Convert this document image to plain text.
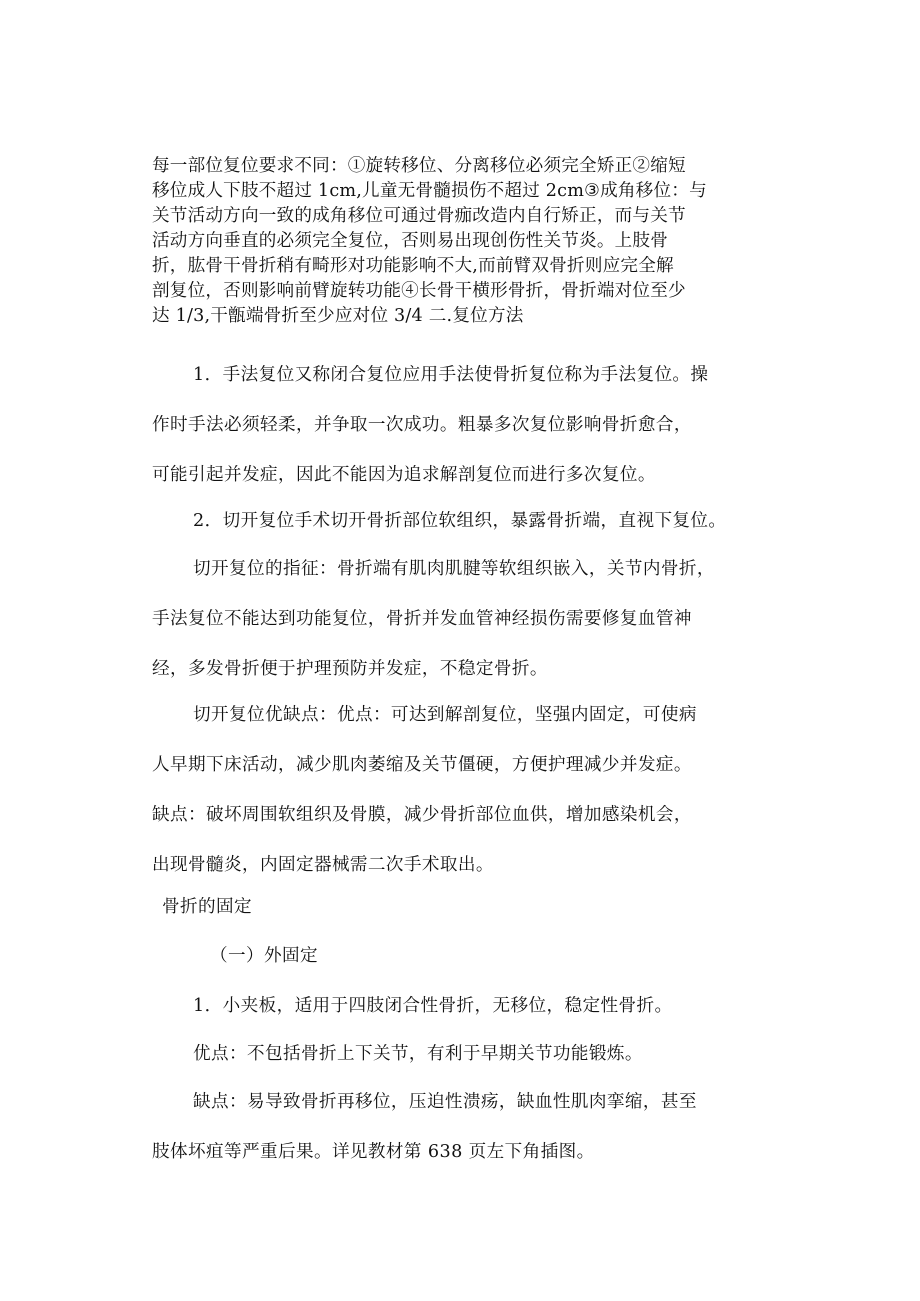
每一部位复位要求不同：①旋转移位、分离移位必须完全矫正②缩短
移位成人下肢不超过 1cm,儿童无骨髓损伤不超过 2cm③成角移位：与
关节活动方向一致的成角移位可通过骨痂改造内自行矫正，而与关节
活动方向垂直的必须完全复位，否则易出现创伤性关节炎。上肢骨
折，肱骨干骨折稍有畸形对功能影响不大,而前臂双骨折则应完全解
剖复位，否则影响前臂旋转功能④长骨干横形骨折，骨折端对位至少
达 1/3,干甑端骨折至少应对位 3/4 二.复位方法
1．手法复位又称闭合复位应用手法使骨折复位称为手法复位。操
作时手法必须轻柔，并争取一次成功。粗暴多次复位影响骨折愈合，
可能引起并发症，因此不能因为追求解剖复位而进行多次复位。
2．切开复位手术切开骨折部位软组织，暴露骨折端，直视下复位。
切开复位的指征：骨折端有肌肉肌腱等软组织嵌入，关节内骨折，
手法复位不能达到功能复位，骨折并发血管神经损伤需要修复血管神
经，多发骨折便于护理预防并发症，不稳定骨折。
切开复位优缺点：优点：可达到解剖复位，坚强内固定，可使病
人早期下床活动，减少肌肉萎缩及关节僵硬，方便护理减少并发症。
缺点：破坏周围软组织及骨膜，减少骨折部位血供，增加感染机会，
出现骨髓炎，内固定器械需二次手术取出。
骨折的固定
（一）外固定
1．小夹板，适用于四肢闭合性骨折，无移位，稳定性骨折。
优点：不包括骨折上下关节，有利于早期关节功能锻炼。
缺点：易导致骨折再移位，压迫性溃疡，缺血性肌肉挛缩，甚至
肢体坏疽等严重后果。详见教材第 638 页左下角插图。
